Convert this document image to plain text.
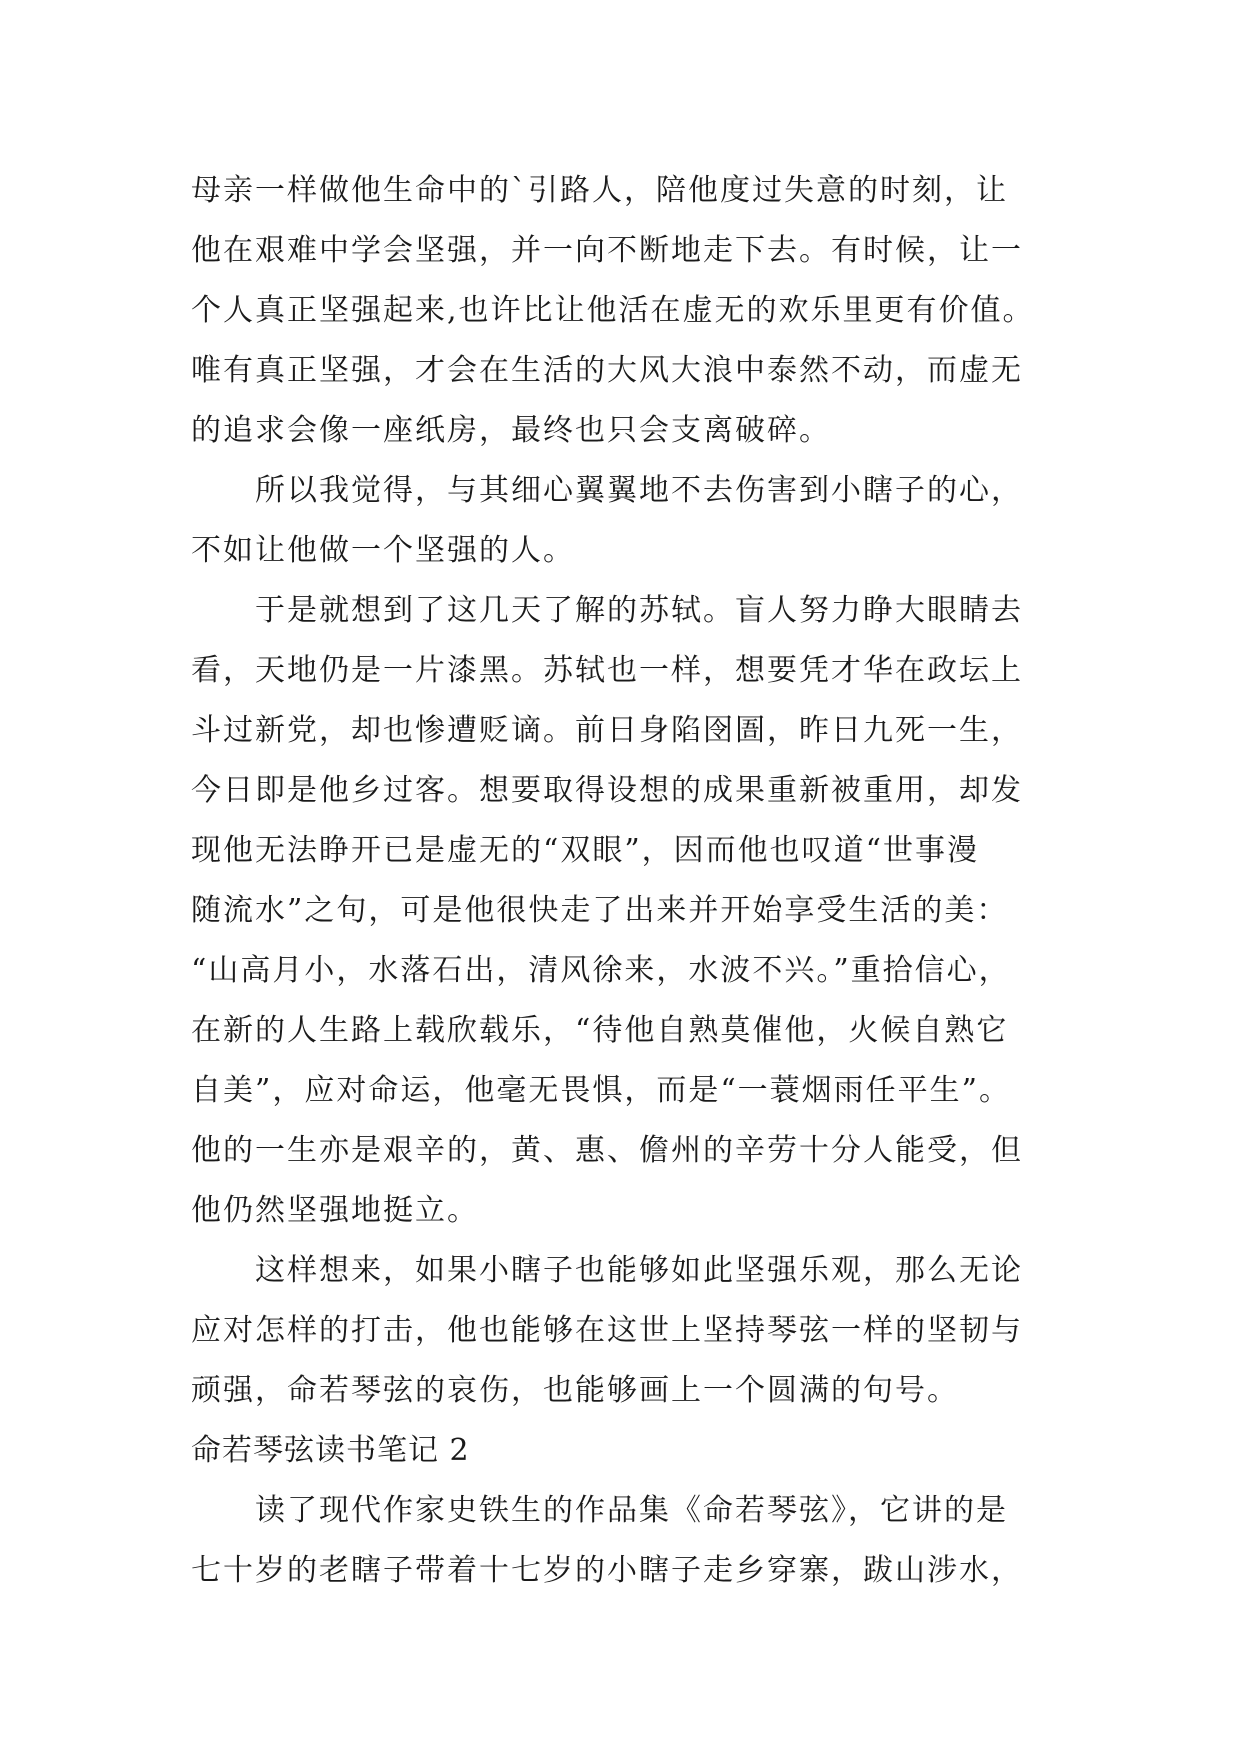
母亲一样做他生命中的`引路人，陪他度过失意的时刻，让
他在艰难中学会坚强，并一向不断地走下去。有时候，让一
个人真正坚强起来,也许比让他活在虚无的欢乐里更有价值。
唯有真正坚强，才会在生活的大风大浪中泰然不动，而虚无
的追求会像一座纸房，最终也只会支离破碎。
所以我觉得，与其细心翼翼地不去伤害到小瞎子的心，
不如让他做一个坚强的人。
于是就想到了这几天了解的苏轼。盲人努力睁大眼睛去
看，天地仍是一片漆黑。苏轼也一样，想要凭才华在政坛上
斗过新党，却也惨遭贬谪。前日身陷囹圄，昨日九死一生，
今日即是他乡过客。想要取得设想的成果重新被重用，却发
现他无法睁开已是虚无的“双眼”，因而他也叹道“世事漫
随流水”之句，可是他很快走了出来并开始享受生活的美：
“山高月小，水落石出，清风徐来，水波不兴。”重拾信心，
在新的人生路上载欣载乐，“待他自熟莫催他，火候自熟它
自美”，应对命运，他毫无畏惧，而是“一蓑烟雨任平生”。
他的一生亦是艰辛的，黄、惠、儋州的辛劳十分人能受，但
他仍然坚强地挺立。
这样想来，如果小瞎子也能够如此坚强乐观，那么无论
应对怎样的打击，他也能够在这世上坚持琴弦一样的坚韧与
顽强，命若琴弦的哀伤，也能够画上一个圆满的句号。
命若琴弦读书笔记 2
读了现代作家史铁生的作品集《命若琴弦》，它讲的是
七十岁的老瞎子带着十七岁的小瞎子走乡穿寨，跋山涉水，
